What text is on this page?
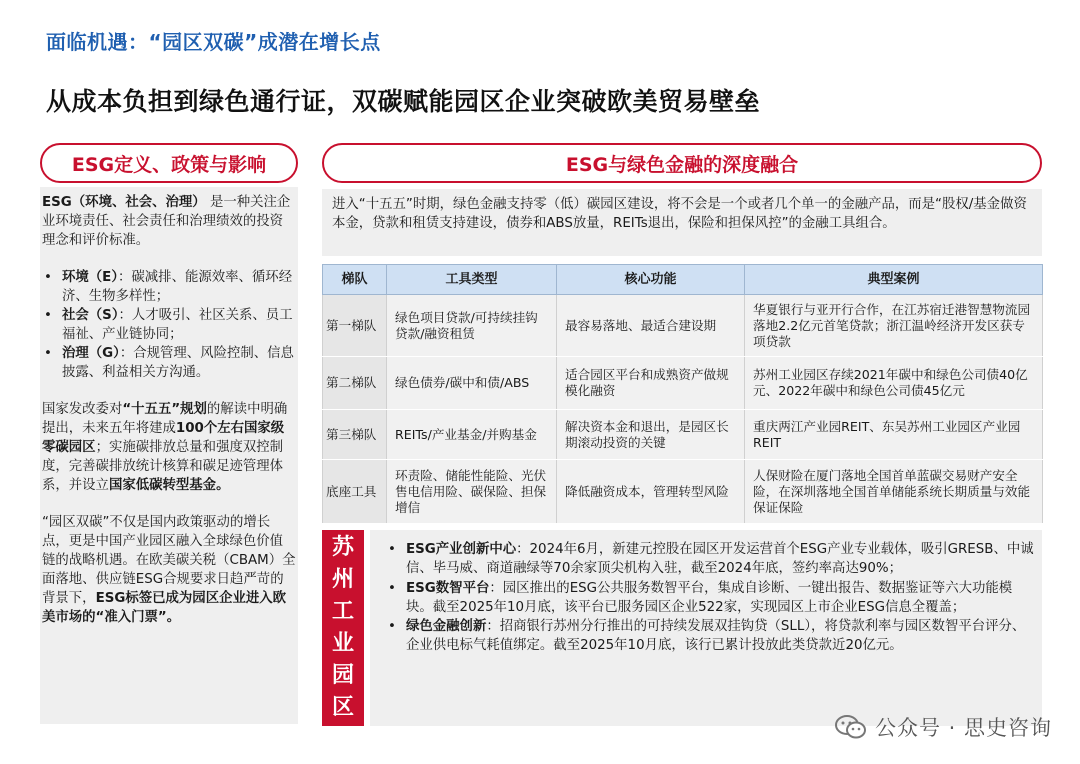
面临机遇：“园区双碳”成潜在增长点
从成本负担到绿色通行证，双碳赋能园区企业突破欧美贸易壁垒
ESG定义、政策与影响	ESG与绿色金融的深度融合

ESG（环境、社会、治理） 是一种关注企业环境责任、社会责任和治理绩效的投资理念和评价标准。

• 环境（E）：碳减排、能源效率、循环经济、生物多样性；
• 社会（S）：人才吸引、社区关系、员工福祉、产业链协同；
• 治理（G）：合规管理、风险控制、信息披露、利益相关方沟通。

国家发改委对“十五五”规划的解读中明确提出，未来五年将建成100个左右国家级零碳园区；实施碳排放总量和强度双控制度，完善碳排放统计核算和碳足迹管理体系，并设立国家低碳转型基金。

“园区双碳”不仅是国内政策驱动的增长点，更是中国产业园区融入全球绿色价值链的战略机遇。在欧美碳关税（CBAM）全面落地、供应链ESG合规要求日趋严苛的背景下，ESG标签已成为园区企业进入欧美市场的“准入门票”。

进入“十五五”时期，绿色金融支持零（低）碳园区建设，将不会是一个或者几个单一的金融产品，而是“股权/基金做资本金，贷款和租赁支持建设，债券和ABS放量，REITs退出，保险和担保风控”的金融工具组合。
梯队	工具类型	核心功能	典型案例
第一梯队	绿色项目贷款/可持续挂钩贷款/融资租赁	最容易落地、最适合建设期	华夏银行与亚开行合作，在江苏宿迁港智慧物流园落地2.2亿元首笔贷款；浙江温岭经济开发区获专项贷款
第二梯队	绿色债券/碳中和债/ABS	适合园区平台和成熟资产做规模化融资	苏州工业园区存续2021年碳中和绿色公司债40亿元、2022年碳中和绿色公司债45亿元
第三梯队	REITs/产业基金/并购基金	解决资本金和退出，是园区长期滚动投资的关键	重庆两江产业园REIT、东吴苏州工业园区产业园REIT
底座工具	环责险、储能性能险、光伏售电信用险、碳保险、担保增信	降低融资成本，管理转型风险	人保财险在厦门落地全国首单蓝碳交易财产安全险，在深圳落地全国首单储能系统长期质量与效能保证保险
苏
州
工
业
园
区
• ESG产业创新中心：2024年6月，新建元控股在园区开发运营首个ESG产业专业载体，吸引GRESB、中诚信、毕马威、商道融绿等70余家顶尖机构入驻，截至2024年底，签约率高达90%；
• ESG数智平台：园区推出的ESG公共服务数智平台，集成自诊断、一键出报告、数据鉴证等六大功能模块。截至2025年10月底，该平台已服务园区企业522家，实现园区上市企业ESG信息全覆盖；
• 绿色金融创新：招商银行苏州分行推出的可持续发展双挂钩贷（SLL），将贷款利率与园区数智平台评分、企业供电标气耗值绑定。截至2025年10月底，该行已累计投放此类贷款近20亿元。
公众号 · 思史咨询
